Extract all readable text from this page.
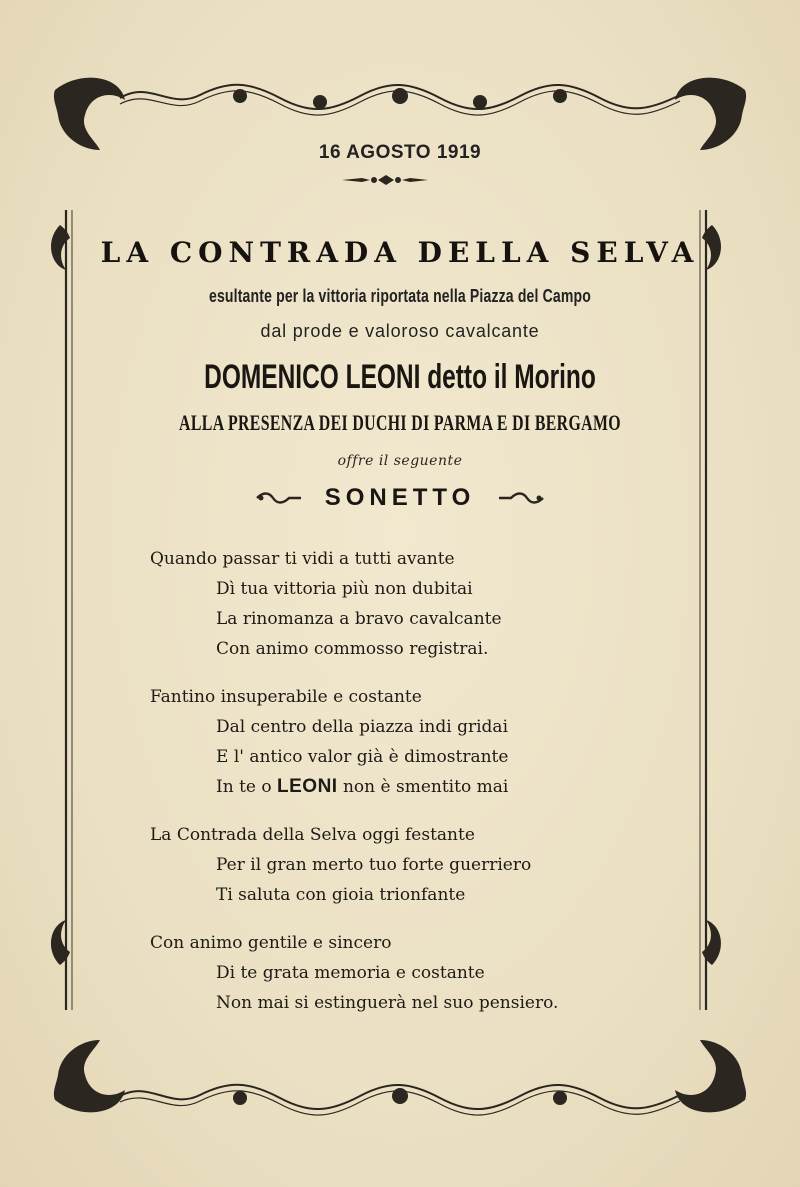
16 AGOSTO 1919
LA CONTRADA DELLA SELVA
esultante per la vittoria riportata nella Piazza del Campo
dal prode e valoroso cavalcante
DOMENICO LEONI detto il Morino
ALLA PRESENZA DEI DUCHI DI PARMA E DI BERGAMO
offre il seguente
SONETTO
Quando passar ti vidi a tutti avante
Dì tua vittoria più non dubitai
La rinomanza a bravo cavalcante
Con animo commosso registrai.
Fantino insuperabile e costante
Dal centro della piazza indi gridai
E l' antico valor già è dimostrante
In te o LEONI non è smentito mai
La Contrada della Selva oggi festante
Per il gran merto tuo forte guerriero
Ti saluta con gioia trionfante
Con animo gentile e sincero
Di te grata memoria e costante
Non mai si estinguerà nel suo pensiero.
